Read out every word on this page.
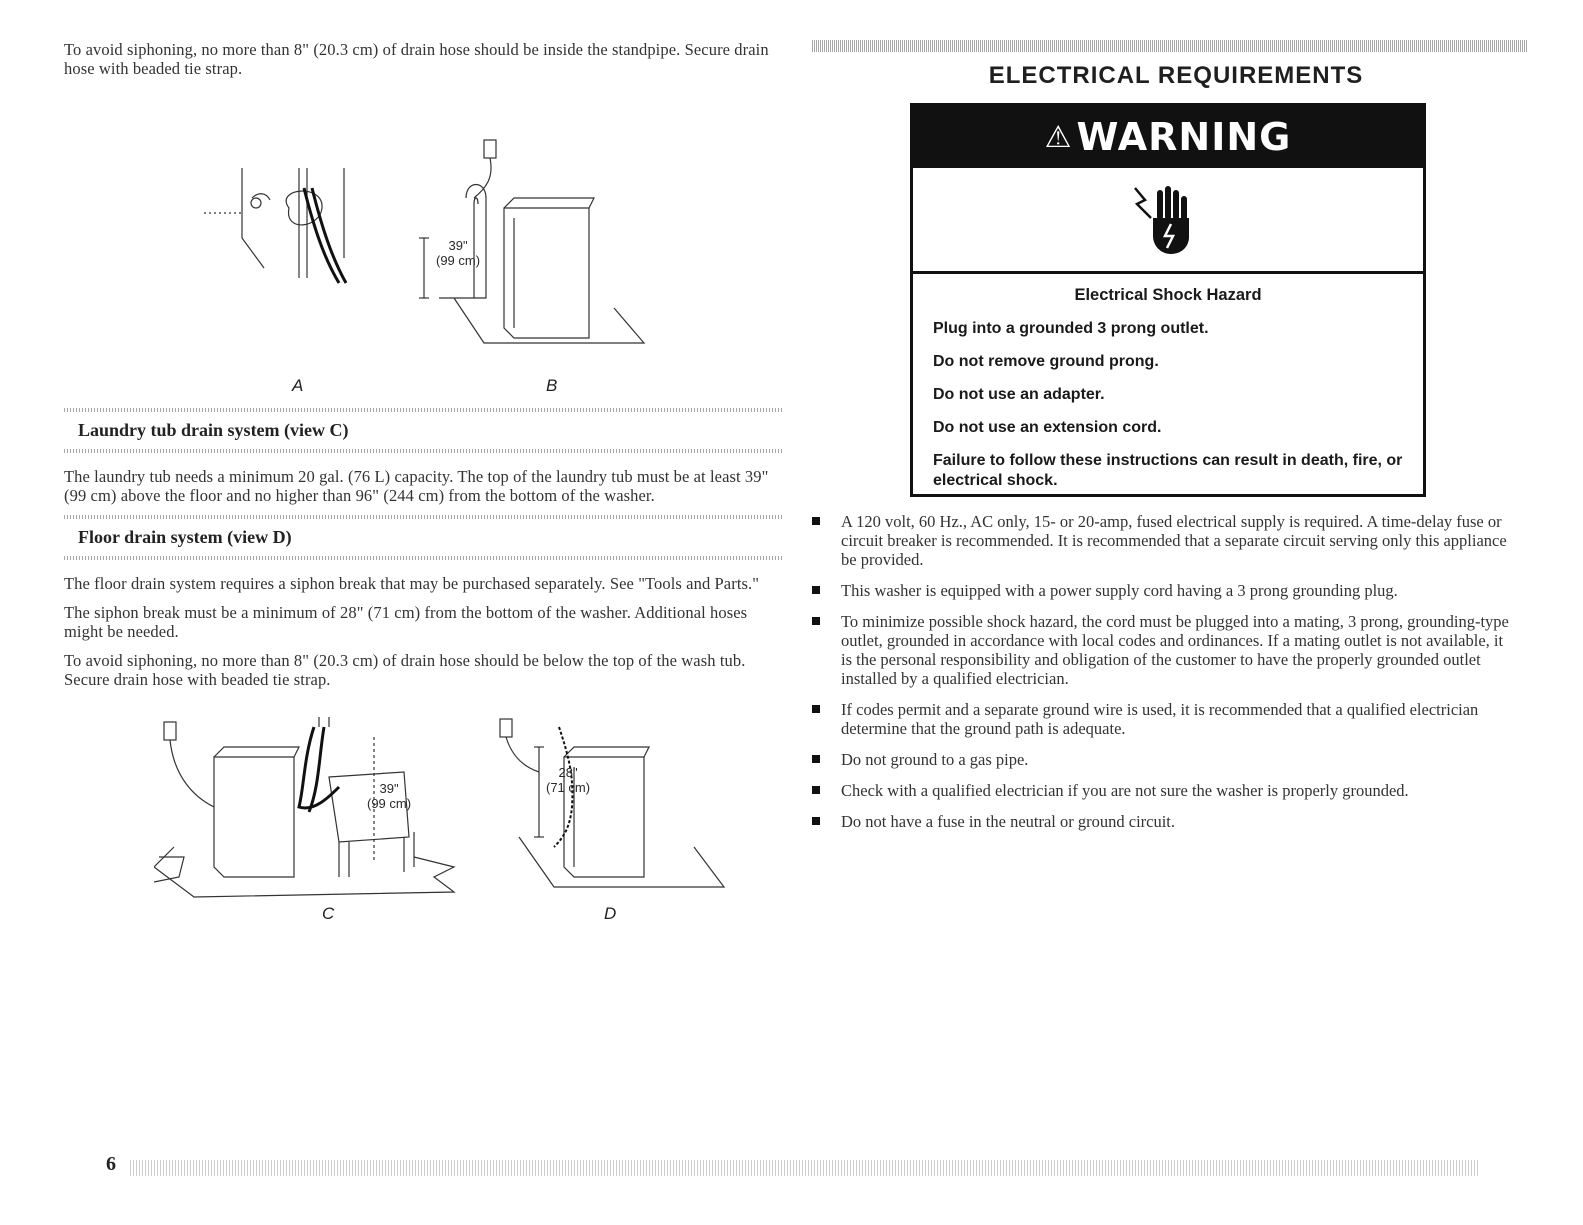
To avoid siphoning, no more than 8" (20.3 cm) of drain hose should be inside the standpipe. Secure drain hose with beaded tie strap.

39"
(99 cm)
A	B
Laundry tub drain system (view C)

The laundry tub needs a minimum 20 gal. (76 L) capacity. The top of the laundry tub must be at least 39" (99 cm) above the floor and no higher than 96" (244 cm) from the bottom of the washer.

Floor drain system (view D)

The floor drain system requires a siphon break that may be purchased separately. See "Tools and Parts."

The siphon break must be a minimum of 28" (71 cm) from the bottom of the washer. Additional hoses might be needed.

To avoid siphoning, no more than 8" (20.3 cm) of drain hose should be below the top of the wash tub. Secure drain hose with beaded tie strap.

39"
(99 cm)
28"
(71 cm)
C	D
ELECTRICAL REQUIREMENTS
⚠ WARNING
Electrical Shock Hazard
Plug into a grounded 3 prong outlet.
Do not remove ground prong.
Do not use an adapter.
Do not use an extension cord.
Failure to follow these instructions can result in death, fire, or electrical shock.
A 120 volt, 60 Hz., AC only, 15- or 20-amp, fused electrical supply is required. A time-delay fuse or circuit breaker is recommended. It is recommended that a separate circuit serving only this appliance be provided.
This washer is equipped with a power supply cord having a 3 prong grounding plug.
To minimize possible shock hazard, the cord must be plugged into a mating, 3 prong, grounding-type outlet, grounded in accordance with local codes and ordinances. If a mating outlet is not available, it is the personal responsibility and obligation of the customer to have the properly grounded outlet installed by a qualified electrician.
If codes permit and a separate ground wire is used, it is recommended that a qualified electrician determine that the ground path is adequate.
Do not ground to a gas pipe.
Check with a qualified electrician if you are not sure the washer is properly grounded.
Do not have a fuse in the neutral or ground circuit.
6
